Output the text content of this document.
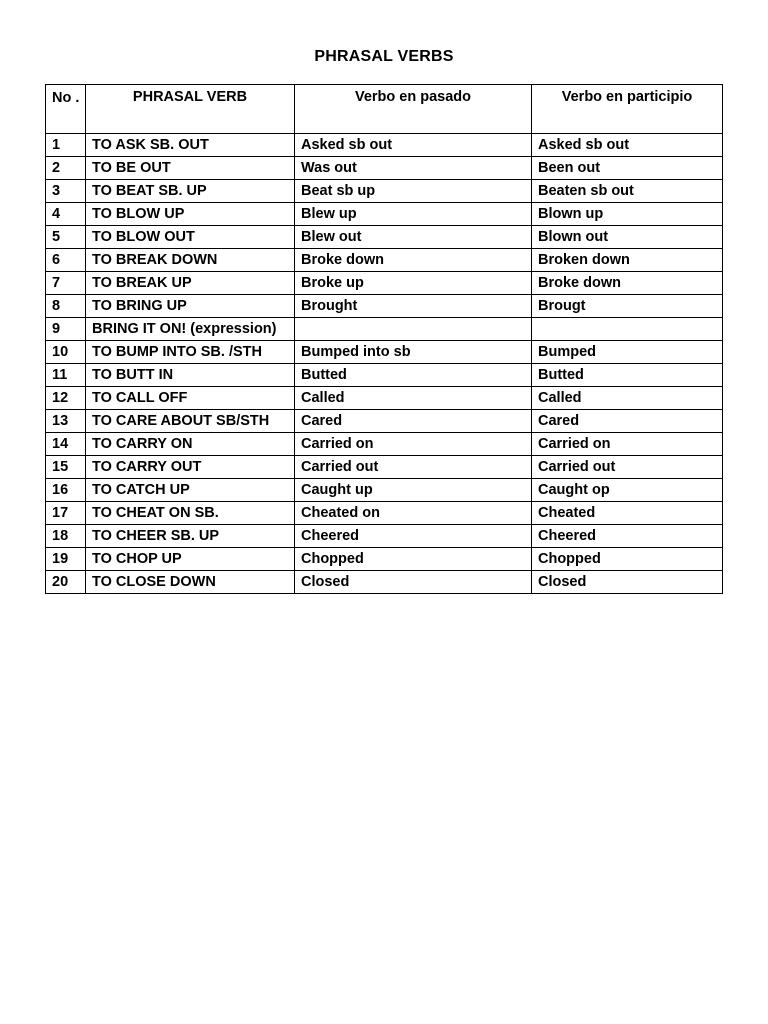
PHRASAL VERBS
No .	PHRASAL VERB	Verbo en pasado	Verbo en participio
1	TO ASK SB. OUT	Asked sb out	Asked sb out
2	TO BE OUT	Was out	Been out
3	TO BEAT SB. UP	Beat sb up	Beaten sb out
4	TO BLOW UP	Blew up	Blown up
5	TO BLOW OUT	Blew out	Blown out
6	TO BREAK DOWN	Broke down	Broken down
7	TO BREAK UP	Broke up	Broke down
8	TO BRING UP	Brought	Brougt
9	BRING IT ON! (expression)		
10	TO BUMP INTO SB. /STH	Bumped into sb	Bumped
11	TO BUTT IN	Butted	Butted
12	TO CALL OFF	Called	Called
13	TO CARE ABOUT SB/STH	Cared	Cared
14	TO CARRY ON	Carried on	Carried on
15	TO CARRY OUT	Carried out	Carried out
16	TO CATCH UP	Caught up	Caught op
17	TO CHEAT ON SB.	Cheated on	Cheated
18	TO CHEER SB. UP	Cheered	Cheered
19	TO CHOP UP	Chopped	Chopped
20	TO CLOSE DOWN	Closed	Closed
